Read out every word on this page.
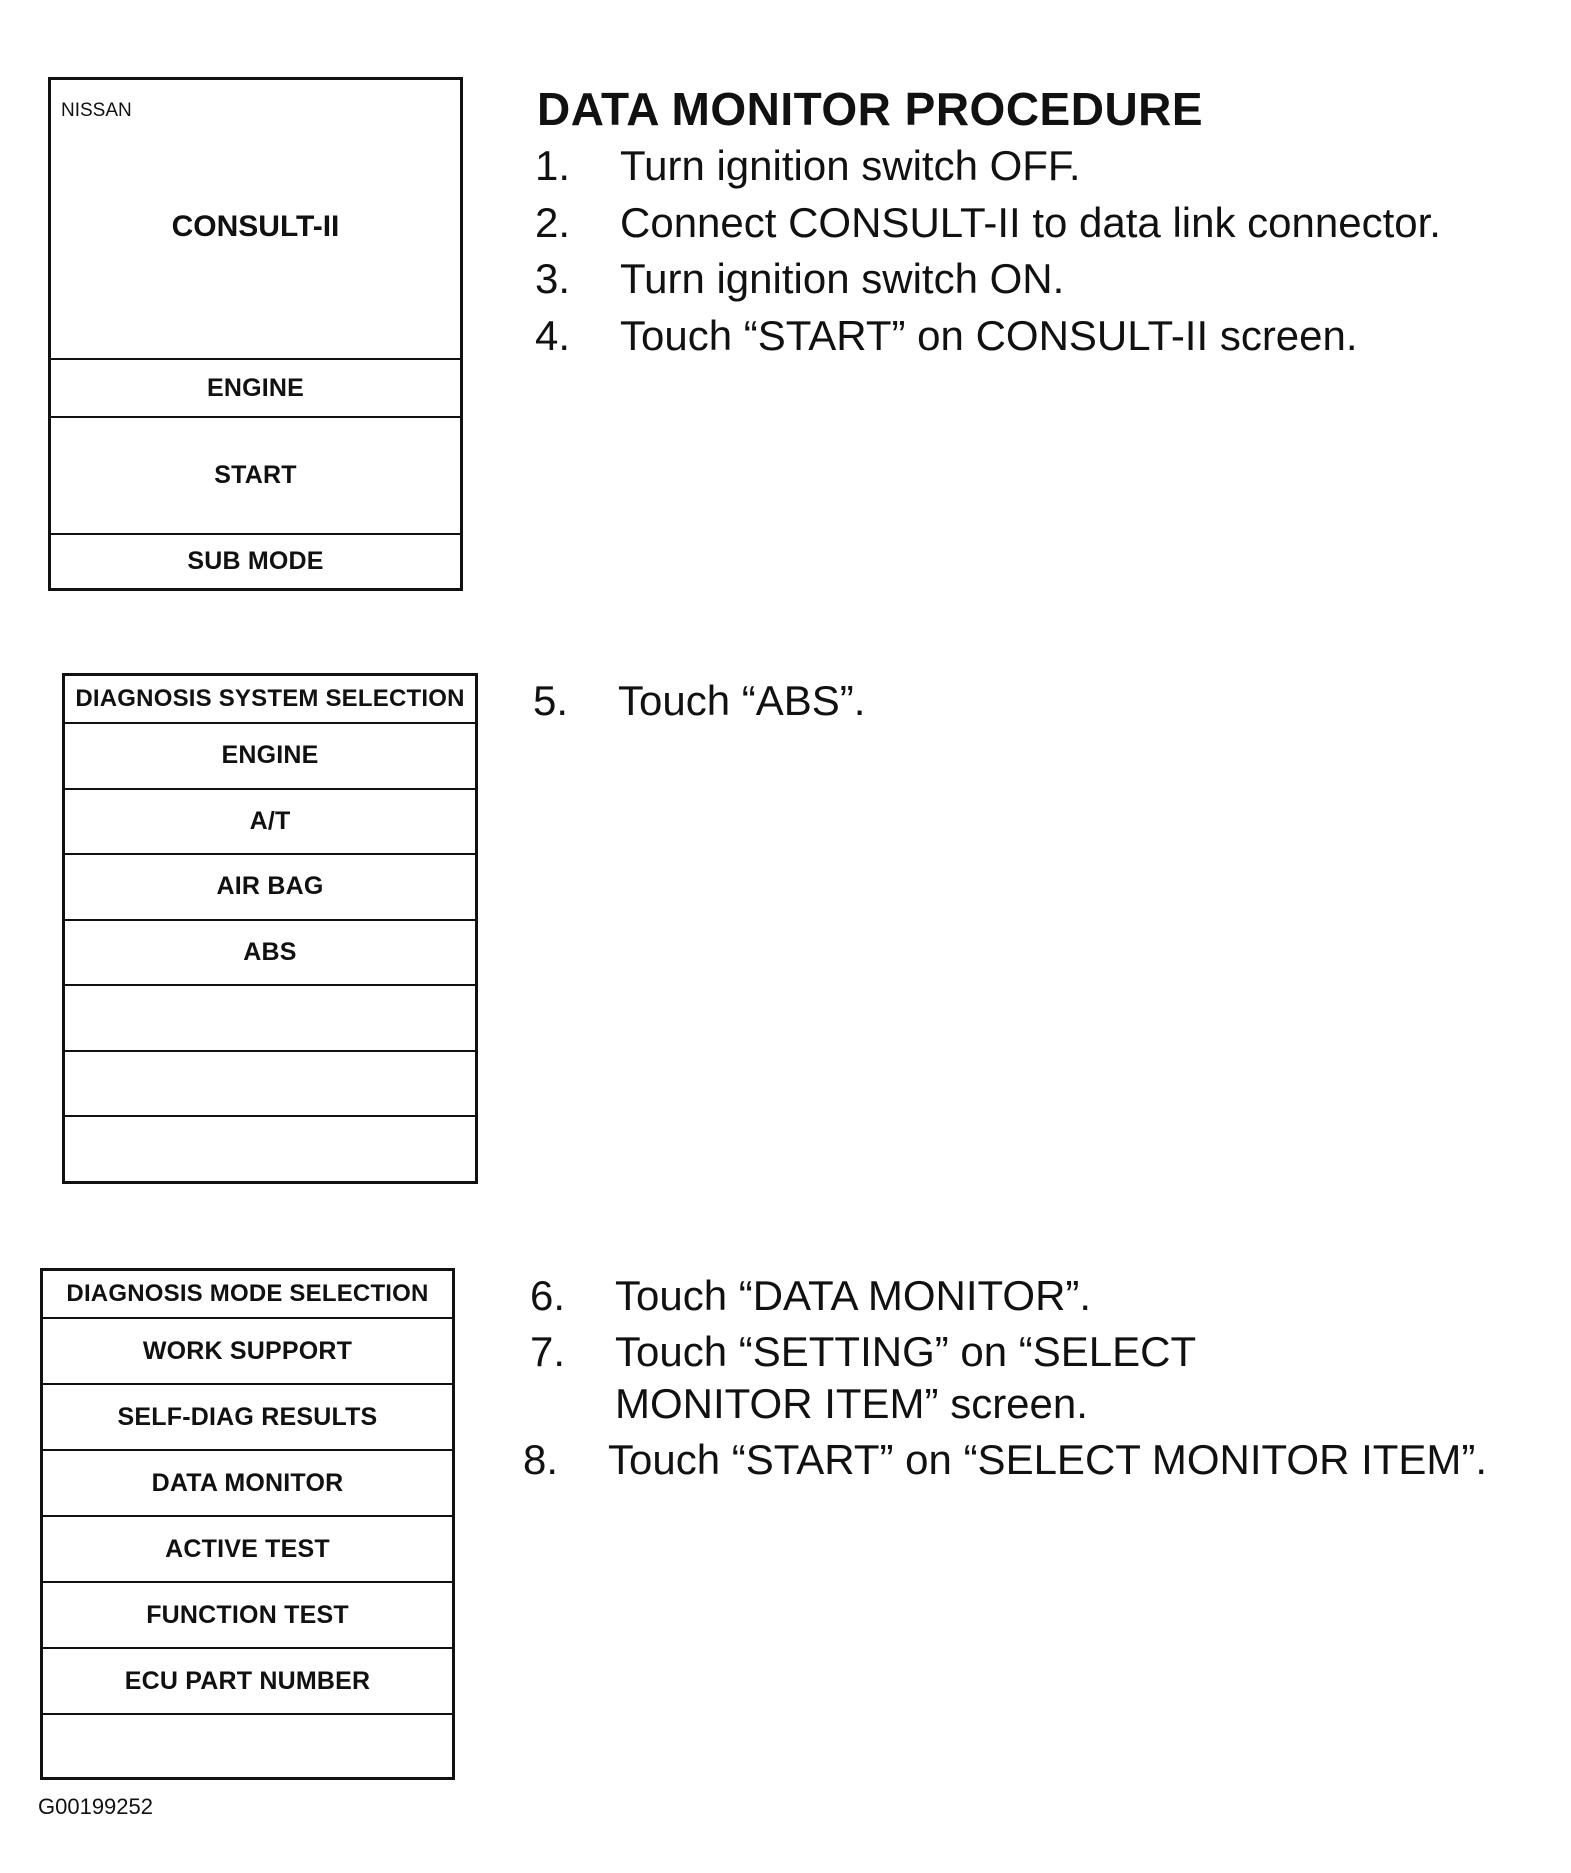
NISSAN
CONSULT-II
ENGINE
START
SUB MODE
DIAGNOSIS SYSTEM SELECTION
ENGINE
A/T
AIR BAG
ABS
DIAGNOSIS MODE SELECTION
WORK SUPPORT
SELF-DIAG RESULTS
DATA MONITOR
ACTIVE TEST
FUNCTION TEST
ECU PART NUMBER
DATA MONITOR PROCEDURE
1. Turn ignition switch OFF.
2. Connect CONSULT-II to data link connector.
3. Turn ignition switch ON.
4. Touch “START” on CONSULT-II screen.
5. Touch “ABS”.
6. Touch “DATA MONITOR”.
7. Touch “SETTING” on “SELECT
MONITOR ITEM” screen.
8. Touch “START” on “SELECT MONITOR ITEM”.
G00199252
